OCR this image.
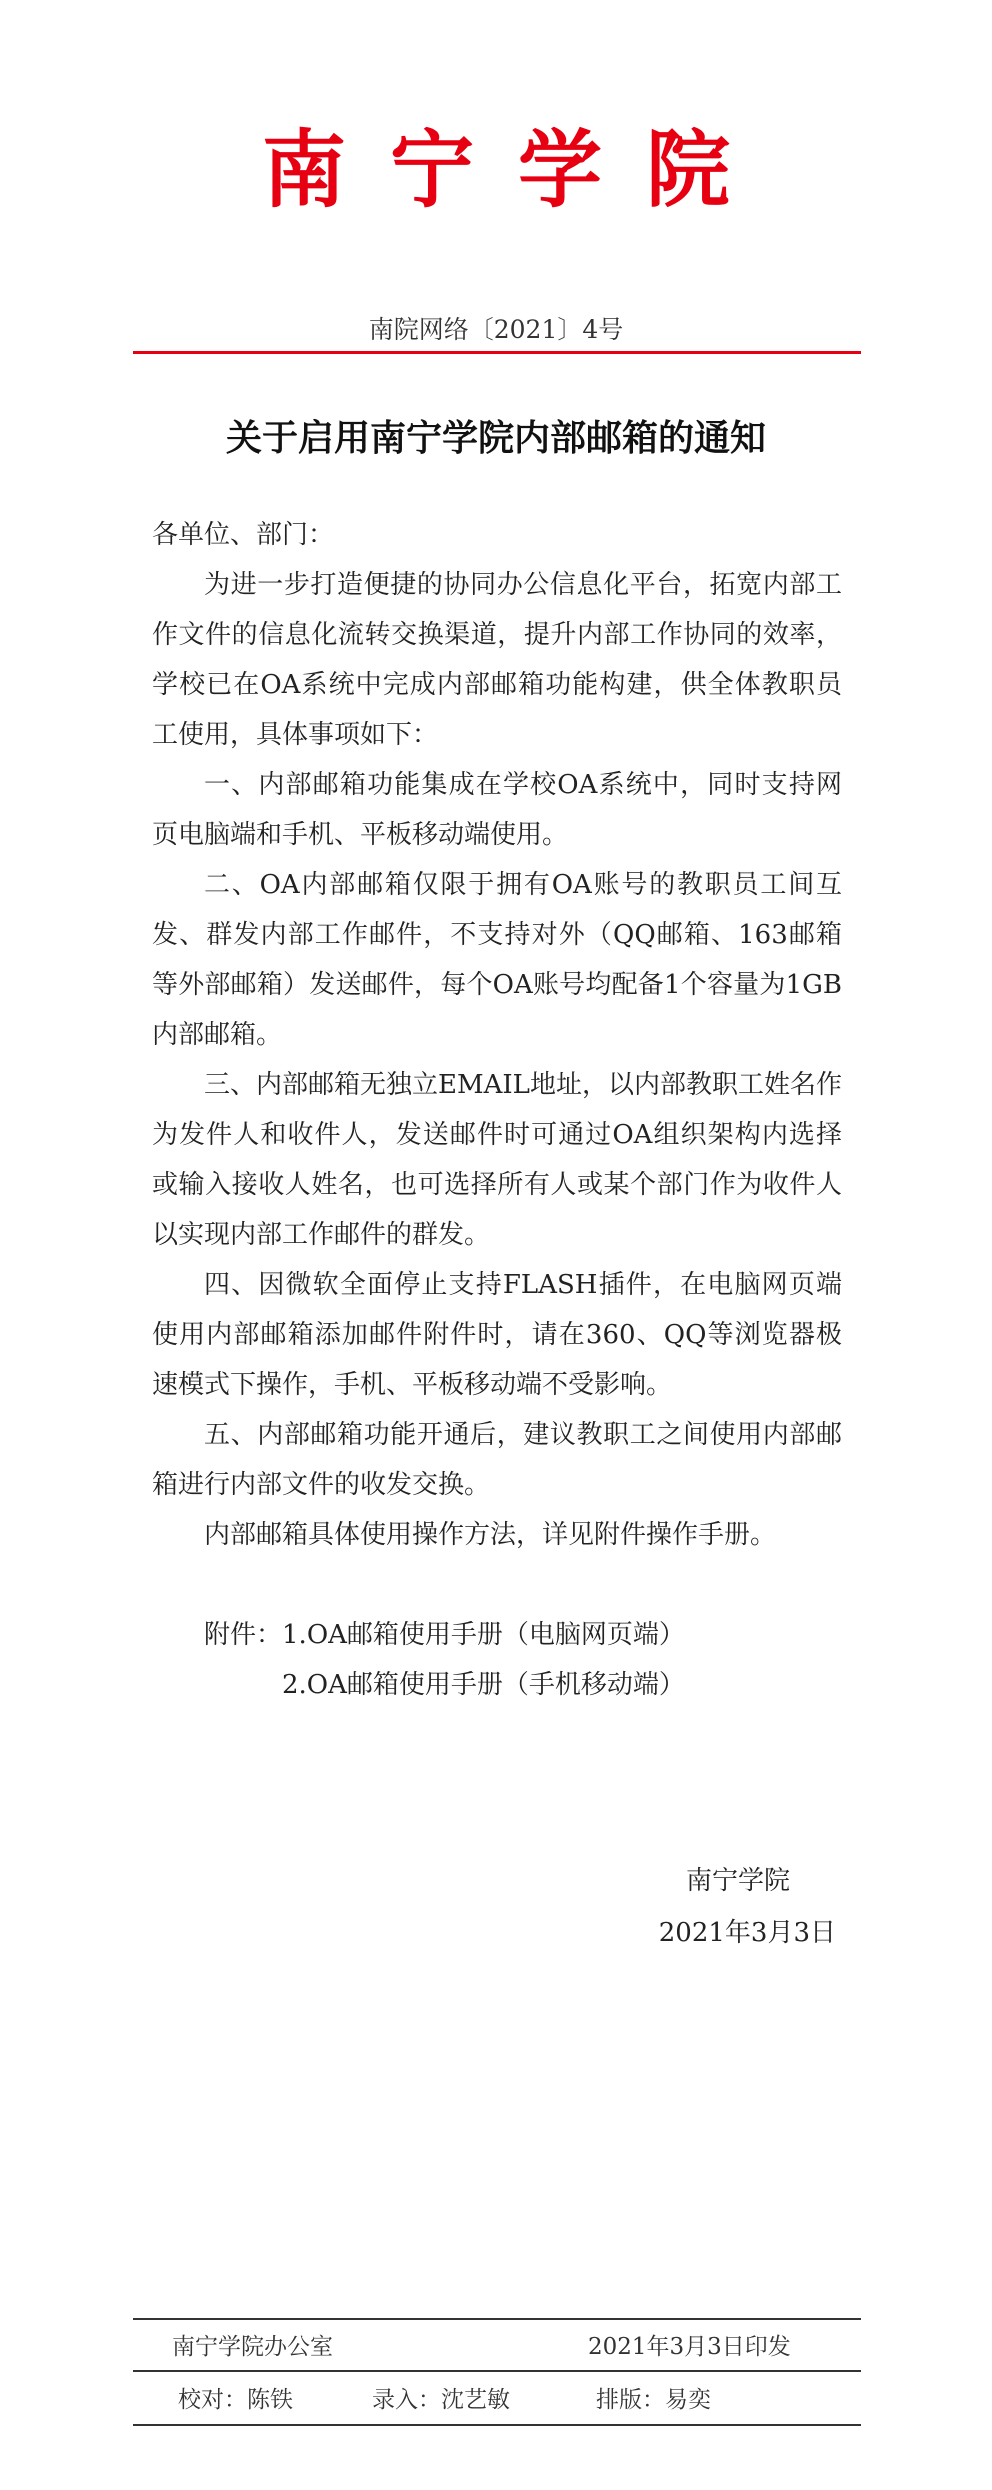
南宁学院
南院网络〔2021〕4号
关于启用南宁学院内部邮箱的通知

各单位、部门：

为进一步打造便捷的协同办公信息化平台，拓宽内部工作文件的信息化流转交换渠道，提升内部工作协同的效率，学校已在OA系统中完成内部邮箱功能构建，供全体教职员工使用，具体事项如下：

一、内部邮箱功能集成在学校OA系统中，同时支持网页电脑端和手机、平板移动端使用。

二、OA内部邮箱仅限于拥有OA账号的教职员工间互发、群发内部工作邮件，不支持对外（QQ邮箱、163邮箱等外部邮箱）发送邮件，每个OA账号均配备1个容量为1GB内部邮箱。

三、内部邮箱无独立EMAIL地址，以内部教职工姓名作为发件人和收件人，发送邮件时可通过OA组织架构内选择或输入接收人姓名，也可选择所有人或某个部门作为收件人以实现内部工作邮件的群发。

四、因微软全面停止支持FLASH插件，在电脑网页端使用内部邮箱添加邮件附件时，请在360、QQ等浏览器极速模式下操作，手机、平板移动端不受影响。

五、内部邮箱功能开通后，建议教职工之间使用内部邮箱进行内部文件的收发交换。

内部邮箱具体使用操作方法，详见附件操作手册。

附件：1.OA邮箱使用手册（电脑网页端）
2.OA邮箱使用手册（手机移动端）
南宁学院
2021年3月3日
南宁学院办公室	2021年3月3日印发
校对：陈铁	录入：沈艺敏	排版：易奕
